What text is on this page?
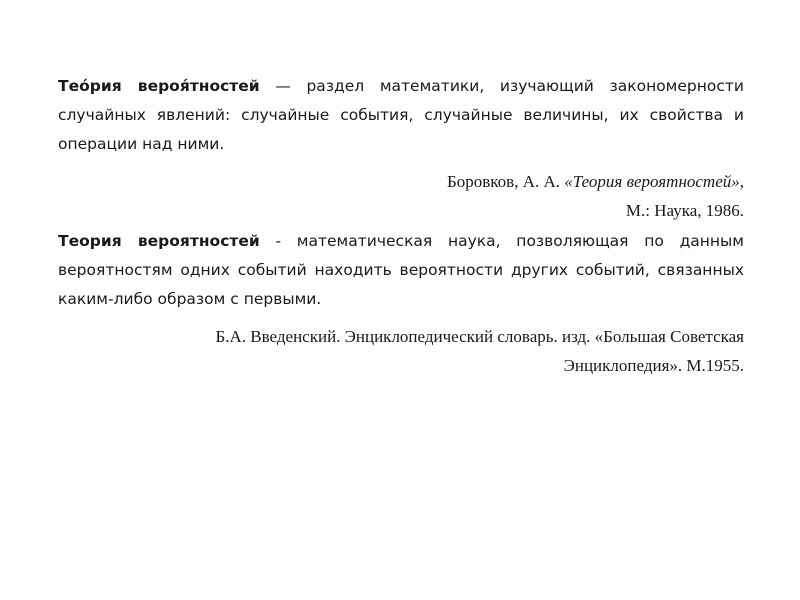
Тео́рия вероя́тностей — раздел математики, изучающий закономерности случайных явлений: случайные события, случайные величины, их свойства и операции над ними.

Боровков, А. А. «Теория вероятностей»,
М.: Наука, 1986.

Теория вероятностей - математическая наука, позволяющая по данным вероятностям одних событий находить вероятности других событий, связанных каким-либо образом с первыми.

Б.А. Введенский. Энциклопедический словарь. изд. «Большая Советская
Энциклопедия». М.1955.
